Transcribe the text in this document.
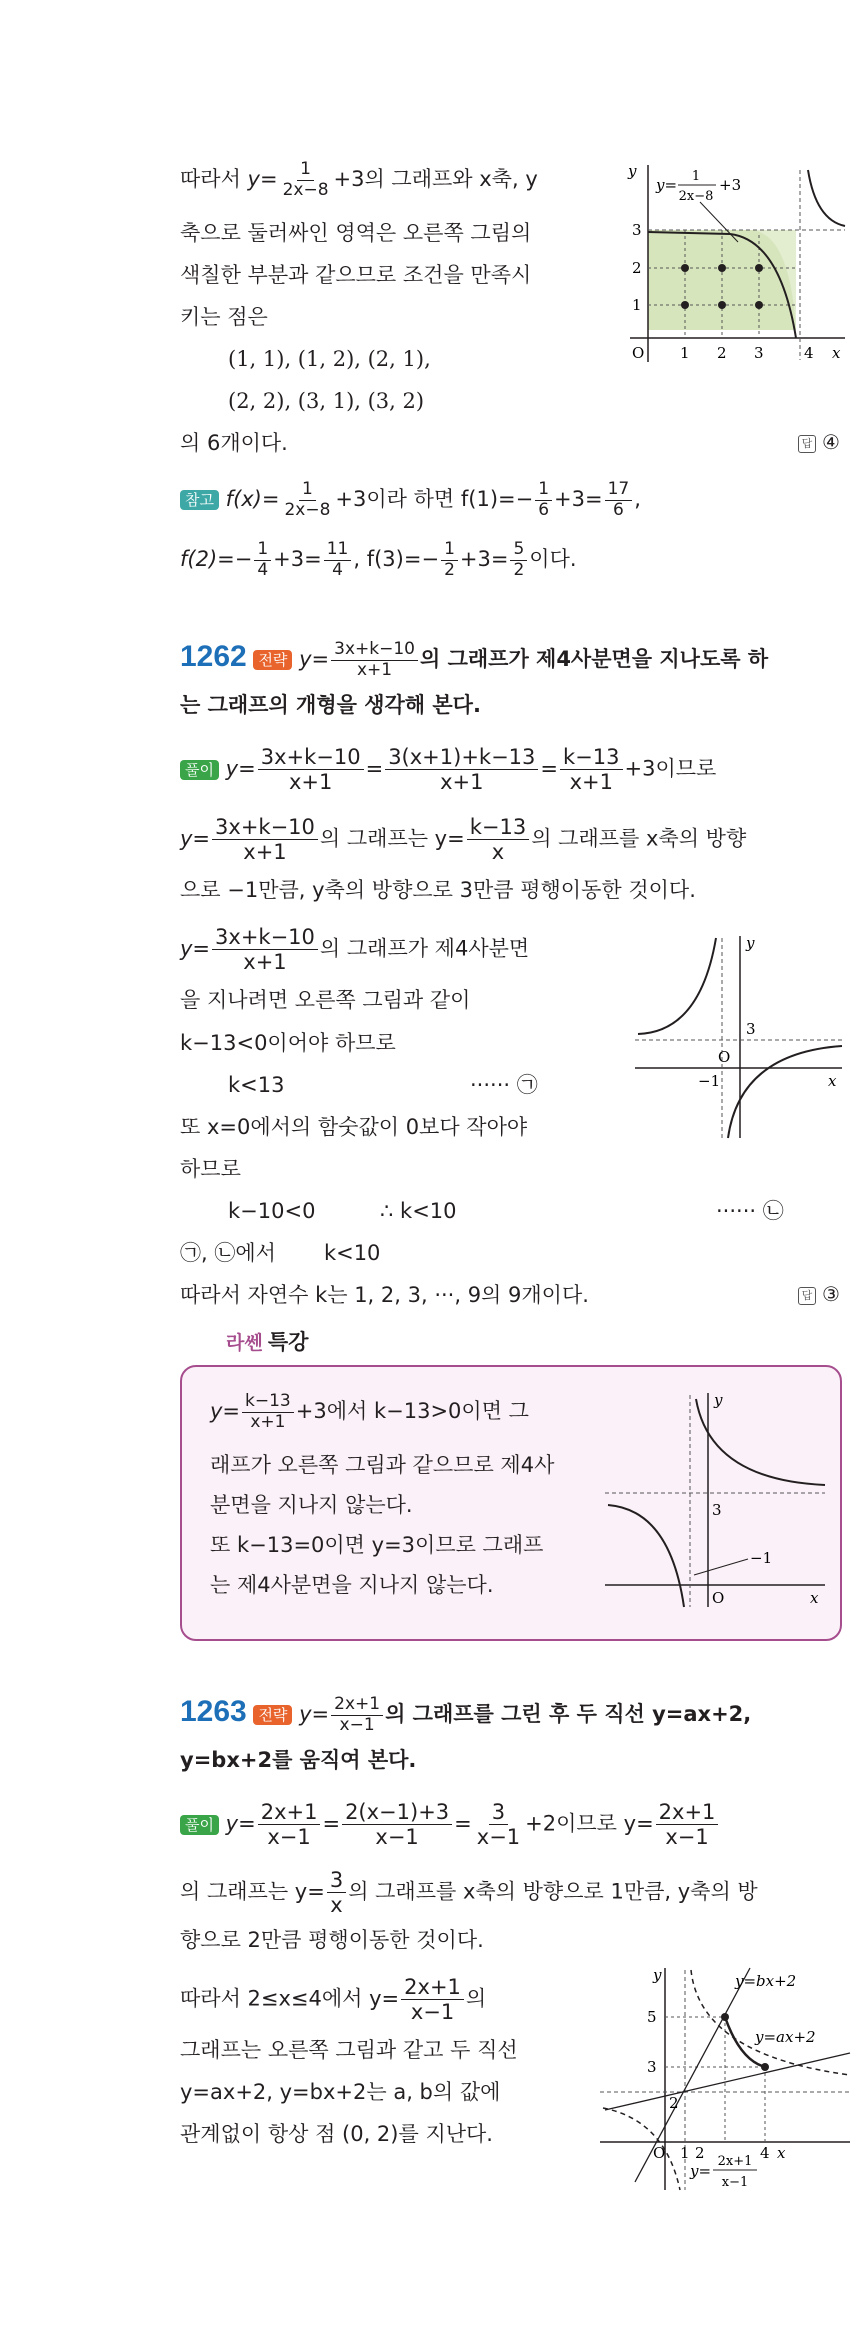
따라서 $y= \frac{1}{2x-8} +3$의 그래프와 x축, y
축으로 둘러싸인 영역은 오른쪽 그림의
색칠한 부분과 같으므로 조건을 만족시
키는 점은
(1, 1), (1, 2), (2, 1),
(2, 2), (3, 1), (3, 2)
의 6개이다.	답 ④
y
x
O
3
2
1
1 2 3	4
y= 1
2x−8
+3
참고 $f(x)= \frac{1}{2x-8} +3$이라 하면 $f(1)=- \frac{1}{6} +3= \frac{17}{6}$ ,
$f(2)=- \frac{1}{4} +3= \frac{11}{4}$ , $f(3)=- \frac{1}{2} +3= \frac{5}{2}$ 이다.
1262 전략 $y= \frac{3x+k-10}{x+1}$ 의 그래프가 제4사분면을 지나도록 하
는 그래프의 개형을 생각해 본다.
풀이 $y= \frac{3x+k-10}{x+1} = \frac{3(x+1)+k-13}{x+1} = \frac{k-13}{x+1} +3$이므로
$y= \frac{3x+k-10}{x+1}$ 의 그래프는 $y= \frac{k-13}{x}$ 의 그래프를 x축의 방향
으로 −1만큼, y축의 방향으로 3만큼 평행이동한 것이다.
$y= \frac{3x+k-10}{x+1}$ 의 그래프가 제4사분면
을 지나려면 오른쪽 그림과 같이
k−13<0이어야 하므로
k<13	······ ㉠
또 x=0에서의 함숫값이 0보다 작아야
하므로
k−10<0	∴ k<10	······ ㉡
㉠, ㉡에서 k<10
따라서 자연수 k는 1, 2, 3, ···, 9의 9개이다.	답 ③
y
x
O
3
−1
라쎈 특강
$y= \frac{k-13}{x+1} +3$에서 k−13>0이면 그
래프가 오른쪽 그림과 같으므로 제4사
분면을 지나지 않는다.
또 k−13=0이면 y=3이므로 그래프
는 제4사분면을 지나지 않는다.
y
x
O
3
−1
1263 전략 $y= \frac{2x+1}{x-1}$ 의 그래프를 그린 후 두 직선 y=ax+2,
y=bx+2를 움직여 본다.
풀이 $y= \frac{2x+1}{x-1} = \frac{2(x-1)+3}{x-1} = \frac{3}{x-1} +2$이므로 $y= \frac{2x+1}{x-1}$
의 그래프는 $y= \frac{3}{x}$ 의 그래프를 x축의 방향으로 1만큼, y축의 방
향으로 2만큼 평행이동한 것이다.
따라서 2≤x≤4에서 $y= \frac{2x+1}{x-1}$ 의
그래프는 오른쪽 그림과 같고 두 직선
y=ax+2, y=bx+2는 a, b의 값에
관계없이 항상 점 (0, 2)를 지난다.
y
x
O
5
3
2
1 2	4
y=bx+2
y=ax+2
y=
2x+1
x−1
